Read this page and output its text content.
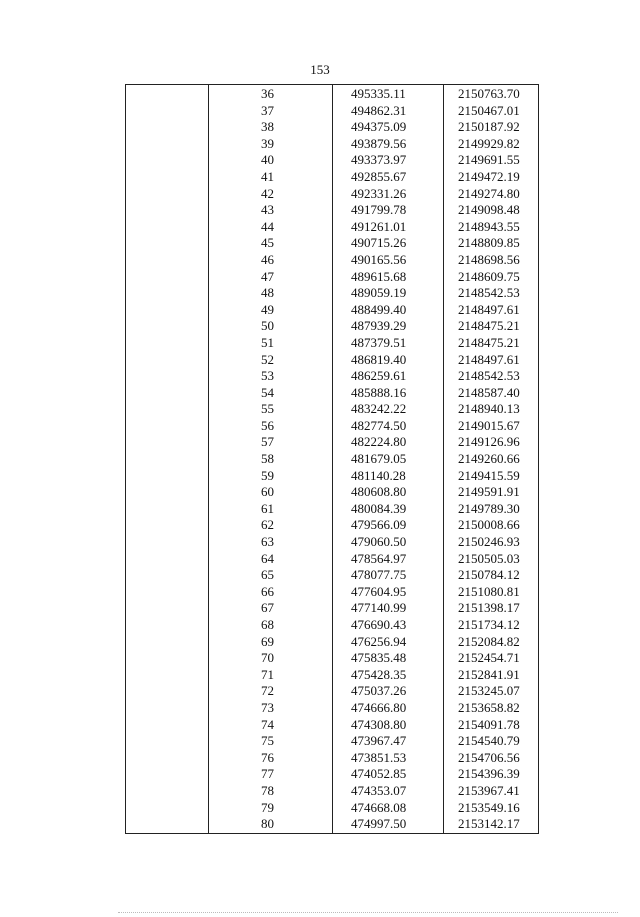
153
36	495335.11	2150763.70
37	494862.31	2150467.01
38	494375.09	2150187.92
39	493879.56	2149929.82
40	493373.97	2149691.55
41	492855.67	2149472.19
42	492331.26	2149274.80
43	491799.78	2149098.48
44	491261.01	2148943.55
45	490715.26	2148809.85
46	490165.56	2148698.56
47	489615.68	2148609.75
48	489059.19	2148542.53
49	488499.40	2148497.61
50	487939.29	2148475.21
51	487379.51	2148475.21
52	486819.40	2148497.61
53	486259.61	2148542.53
54	485888.16	2148587.40
55	483242.22	2148940.13
56	482774.50	2149015.67
57	482224.80	2149126.96
58	481679.05	2149260.66
59	481140.28	2149415.59
60	480608.80	2149591.91
61	480084.39	2149789.30
62	479566.09	2150008.66
63	479060.50	2150246.93
64	478564.97	2150505.03
65	478077.75	2150784.12
66	477604.95	2151080.81
67	477140.99	2151398.17
68	476690.43	2151734.12
69	476256.94	2152084.82
70	475835.48	2152454.71
71	475428.35	2152841.91
72	475037.26	2153245.07
73	474666.80	2153658.82
74	474308.80	2154091.78
75	473967.47	2154540.79
76	473851.53	2154706.56
77	474052.85	2154396.39
78	474353.07	2153967.41
79	474668.08	2153549.16
80	474997.50	2153142.17
